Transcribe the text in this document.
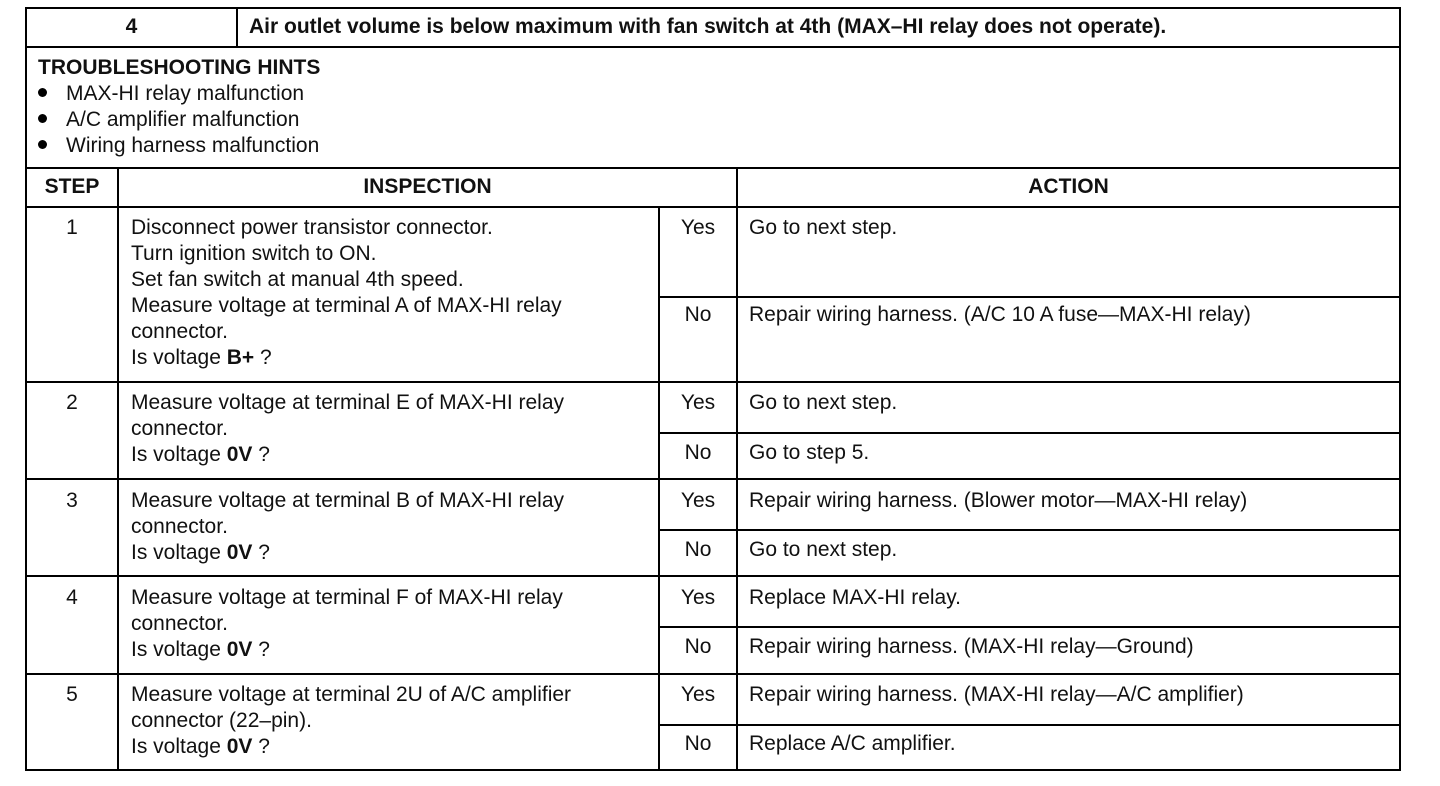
4	Air outlet volume is below maximum with fan switch at 4th (MAX–HI relay does not operate).
TROUBLESHOOTING HINTS
MAX-HI relay malfunction
A/C amplifier malfunction
Wiring harness malfunction
STEP	INSPECTION	ACTION
1	Disconnect power transistor connector.
Turn ignition switch to ON.
Set fan switch at manual 4th speed.
Measure voltage at terminal A of MAX-HI relay
connector.
Is voltage B+ ?
Yes	Go to next step.
No	Repair wiring harness. (A/C 10 A fuse—MAX-HI relay)
2	Measure voltage at terminal E of MAX-HI relay
connector.
Is voltage 0V ?
Yes	Go to next step.
No	Go to step 5.
3	Measure voltage at terminal B of MAX-HI relay
connector.
Is voltage 0V ?
Yes	Repair wiring harness. (Blower motor—MAX-HI relay)
No	Go to next step.
4	Measure voltage at terminal F of MAX-HI relay
connector.
Is voltage 0V ?
Yes	Replace MAX-HI relay.
No	Repair wiring harness. (MAX-HI relay—Ground)
5	Measure voltage at terminal 2U of A/C amplifier
connector (22–pin).
Is voltage 0V ?
Yes	Repair wiring harness. (MAX-HI relay—A/C amplifier)
No	Replace A/C amplifier.
